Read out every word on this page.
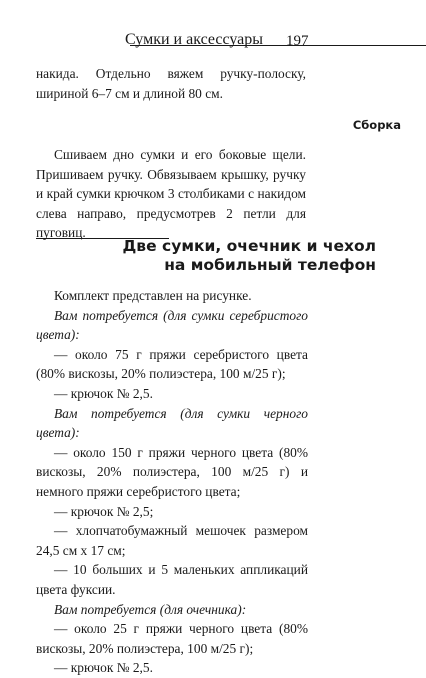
Сумки и аксессуары 197

накида. Отдельно вяжем ручку-полоску, шириной 6–7 см и длиной 80 см.

Сборка

Сшиваем дно сумки и его боковые щели. Пришиваем ручку. Обвязываем крышку, ручку и край сумки крючком 3 столбиками с накидом слева направо, предусмотрев 2 петли для пуговиц.

Две сумки, очечник и чехол
на мобильный телефон

Комплект представлен на рисунке.

Вам потребуется (для сумки серебристого цвета):

— около 75 г пряжи серебристого цвета (80% вискозы, 20% полиэстера, 100 м/25 г);

— крючок № 2,5.

Вам потребуется (для сумки черного цвета):

— около 150 г пряжи черного цвета (80% вискозы, 20% полиэстера, 100 м/25 г) и немного пряжи серебристого цвета;

— крючок № 2,5;

— хлопчатобумажный мешочек размером 24,5 см х 17 см;

— 10 больших и 5 маленьких аппликаций цвета фуксии.

Вам потребуется (для очечника):

— около 25 г пряжи черного цвета (80% вискозы, 20% полиэстера, 100 м/25 г);

— крючок № 2,5.
